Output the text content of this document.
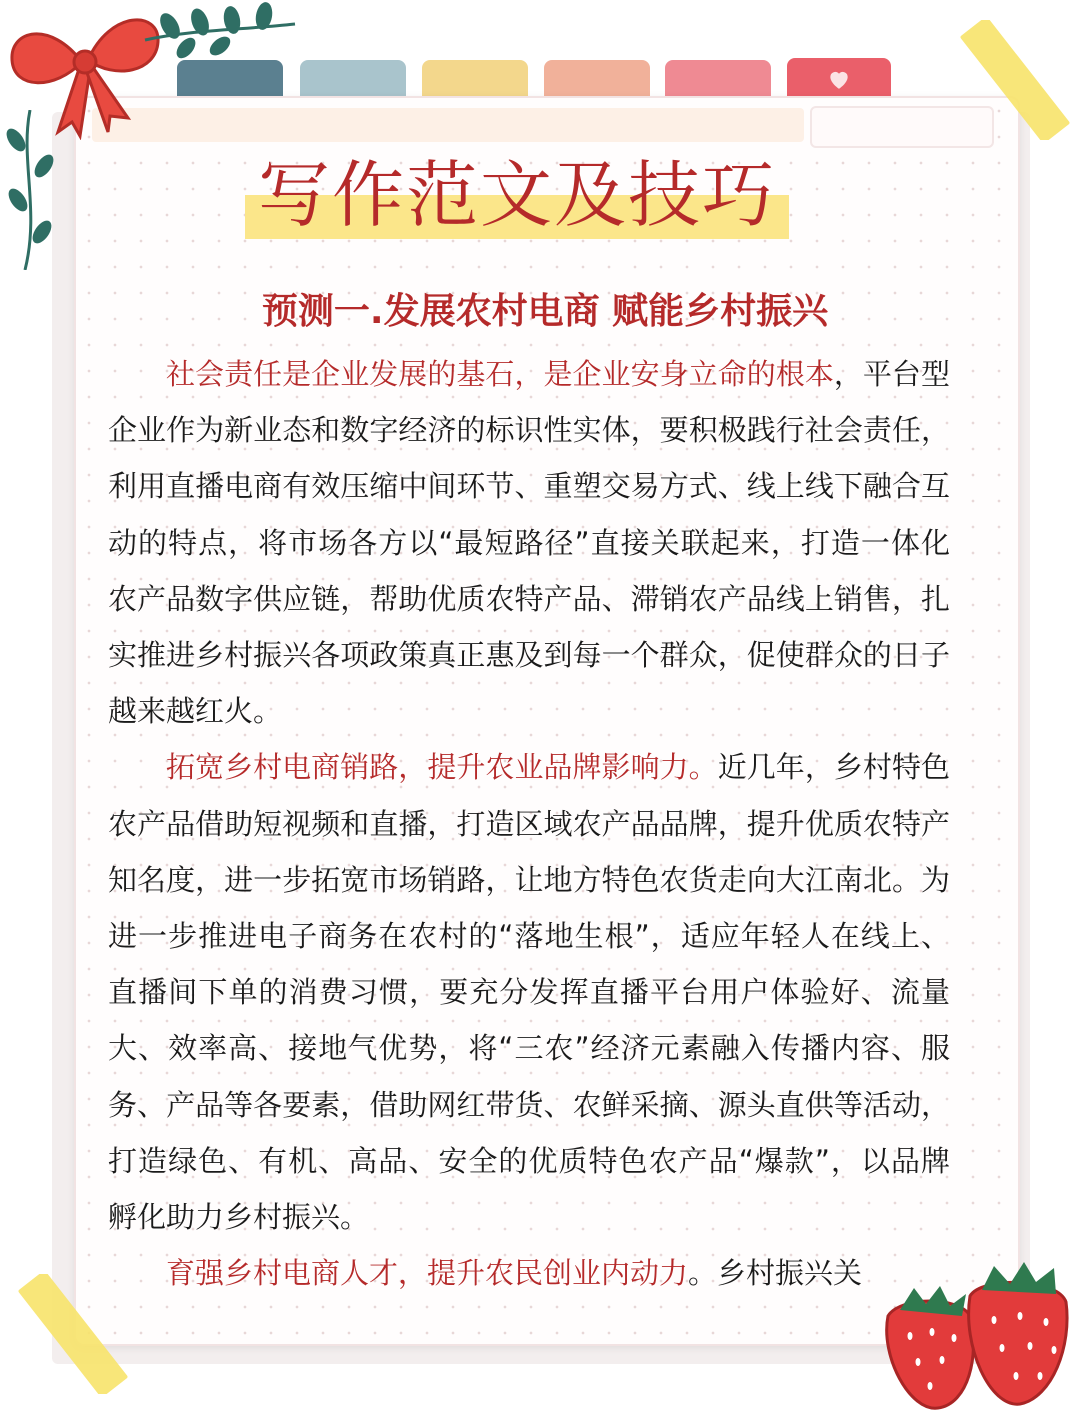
写作范文及技巧
预测一.发展农村电商 赋能乡村振兴

社会责任是企业发展的基石，是企业安身立命的根本，平台型企业作为新业态和数字经济的标识性实体，要积极践行社会责任，利用直播电商有效压缩中间环节、重塑交易方式、线上线下融合互动的特点，将市场各方以“最短路径”直接关联起来，打造一体化农产品数字供应链，帮助优质农特产品、滞销农产品线上销售，扎实推进乡村振兴各项政策真正惠及到每一个群众，促使群众的日子越来越红火。

拓宽乡村电商销路，提升农业品牌影响力。近几年，乡村特色农产品借助短视频和直播，打造区域农产品品牌，提升优质农特产知名度，进一步拓宽市场销路，让地方特色农货走向大江南北。为进一步推进电子商务在农村的“落地生根”，适应年轻人在线上、直播间下单的消费习惯，要充分发挥直播平台用户体验好、流量大、效率高、接地气优势，将“三农”经济元素融入传播内容、服务、产品等各要素，借助网红带货、农鲜采摘、源头直供等活动，打造绿色、有机、高品、安全的优质特色农产品“爆款”，以品牌孵化助力乡村振兴。

育强乡村电商人才，提升农民创业内动力。乡村振兴关
